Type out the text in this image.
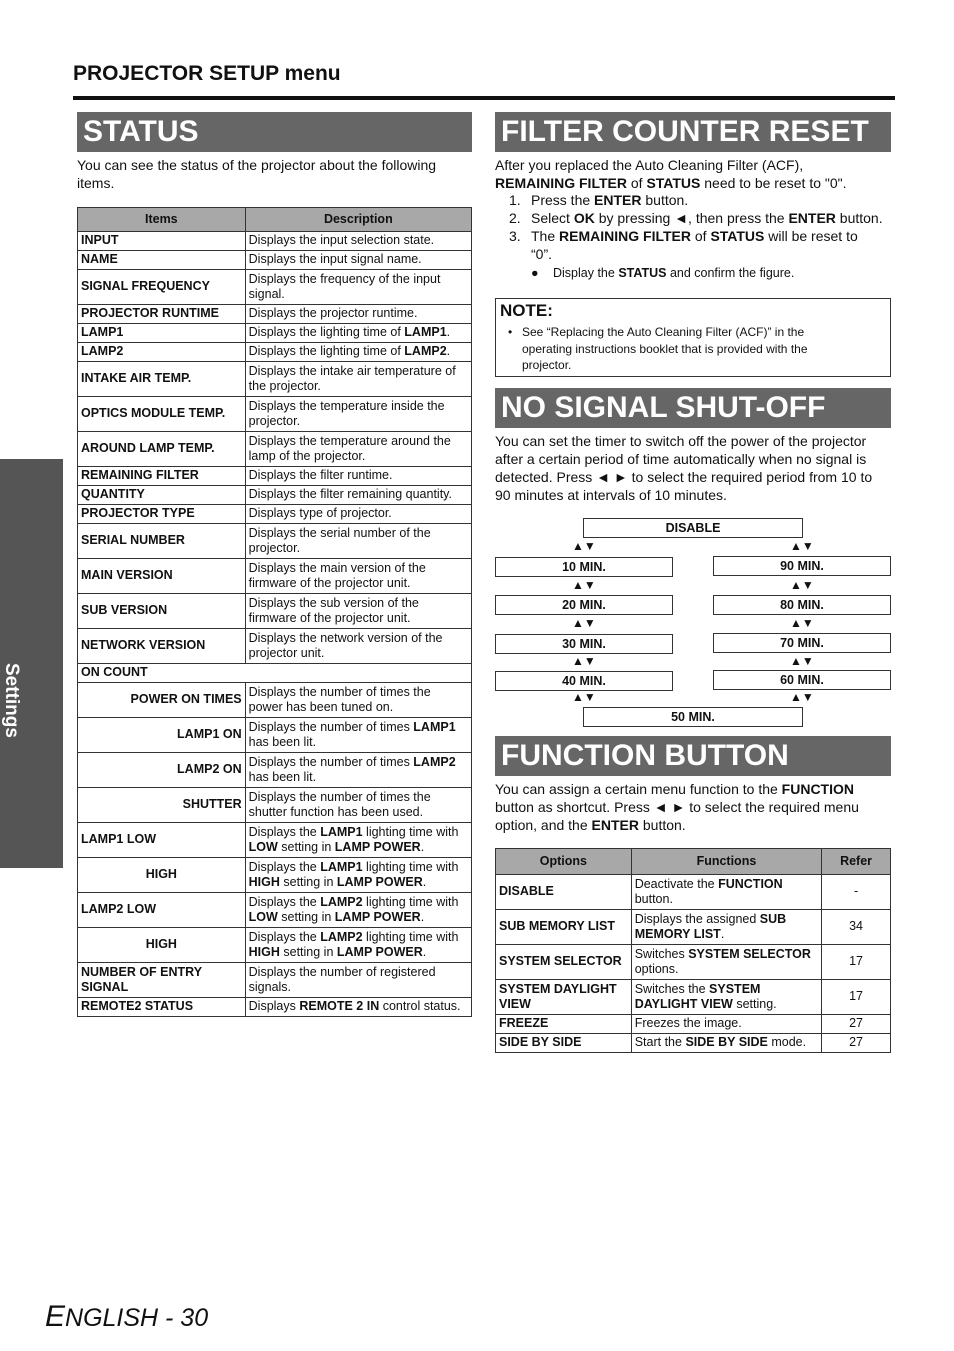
PROJECTOR SETUP menu
Settings
STATUS
You can see the status of the projector about the following items.
Items	Description
INPUT	Displays the input selection state.
NAME	Displays the input signal name.
SIGNAL FREQUENCY	Displays the frequency of the input signal.
PROJECTOR RUNTIME	Displays the projector runtime.
LAMP1	Displays the lighting time of LAMP1.
LAMP2	Displays the lighting time of LAMP2.
INTAKE AIR TEMP.	Displays the intake air temperature of the projector.
OPTICS MODULE TEMP.	Displays the temperature inside the projector.
AROUND LAMP TEMP.	Displays the temperature around the lamp of the projector.
REMAINING FILTER	Displays the filter runtime.
QUANTITY	Displays the filter remaining quantity.
PROJECTOR TYPE	Displays type of projector.
SERIAL NUMBER	Displays the serial number of the projector.
MAIN VERSION	Displays the main version of the firmware of the projector unit.
SUB VERSION	Displays the sub version of the firmware of the projector unit.
NETWORK VERSION	Displays the network version of the projector unit.
ON COUNT	
POWER ON TIMES	Displays the number of times the power has been tuned on.
LAMP1 ON	Displays the number of times LAMP1 has been lit.
LAMP2 ON	Displays the number of times LAMP2 has been lit.
SHUTTER	Displays the number of times the shutter function has been used.
LAMP1 LOW	Displays the LAMP1 lighting time with LOW setting in LAMP POWER.
HIGH	Displays the LAMP1 lighting time with HIGH setting in LAMP POWER.
LAMP2 LOW	Displays the LAMP2 lighting time with LOW setting in LAMP POWER.
HIGH	Displays the LAMP2 lighting time with HIGH setting in LAMP POWER.
NUMBER OF ENTRY SIGNAL	Displays the number of registered signals.
REMOTE2 STATUS	Displays REMOTE 2 IN control status.
FILTER COUNTER RESET
After you replaced the Auto Cleaning Filter (ACF),
REMAINING FILTER of STATUS need to be reset to "0".
1. Press the ENTER button.
2. Select OK by pressing ◄, then press the ENTER button.
3. The REMAINING FILTER of STATUS will be reset to
“0”.
● Display the STATUS and confirm the figure.
NOTE:
• See “Replacing the Auto Cleaning Filter (ACF)” in the
operating instructions booklet that is provided with the
projector.
NO SIGNAL SHUT-OFF
You can set the timer to switch off the power of the projector after a certain period of time automatically when no signal is detected. Press ◄ ► to select the required period from 10 to 90 minutes at intervals of 10 minutes.
DISABLE
50 MIN.
10 MIN.
20 MIN.
30 MIN.
40 MIN.
90 MIN.
80 MIN.
70 MIN.
60 MIN.
▲▼
▲▼
▲▼
▲▼
▲▼
▲▼
▲▼
▲▼
▲▼
▲▼
FUNCTION BUTTON
You can assign a certain menu function to the FUNCTION
button as shortcut. Press ◄ ► to select the required menu
option, and the ENTER button.
Options	Functions	Refer
DISABLE	Deactivate the FUNCTION button.	-
SUB MEMORY LIST	Displays the assigned SUB MEMORY LIST.	34
SYSTEM SELECTOR	Switches SYSTEM SELECTOR options.	17
SYSTEM DAYLIGHT VIEW	Switches the SYSTEM DAYLIGHT VIEW setting.	17
FREEZE	Freezes the image.	27
SIDE BY SIDE	Start the SIDE BY SIDE mode.	27
ENGLISH - 30
